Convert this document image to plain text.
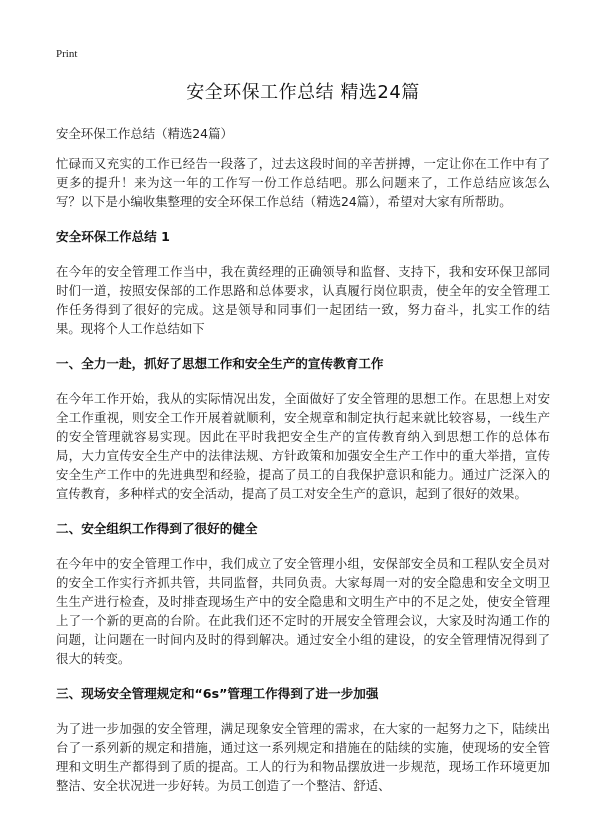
Print
安全环保工作总结 精选24篇

安全环保工作总结（精选24篇）

忙碌而又充实的工作已经告一段落了，过去这段时间的辛苦拼搏，一定让你在工作中有了更多的提升！来为这一年的工作写一份工作总结吧。那么问题来了，工作总结应该怎么写？以下是小编收集整理的安全环保工作总结（精选24篇），希望对大家有所帮助。

安全环保工作总结 1

在今年的安全管理工作当中，我在黄经理的正确领导和监督、支持下，我和安环保卫部同时们一道，按照安保部的工作思路和总体要求，认真履行岗位职责，使全年的安全管理工作任务得到了很好的完成。这是领导和同事们一起团结一致，努力奋斗，扎实工作的结果。现将个人工作总结如下

一、全力一赴，抓好了思想工作和安全生产的宣传教育工作

在今年工作开始，我从的实际情况出发，全面做好了安全管理的思想工作。在思想上对安全工作重视，则安全工作开展着就顺利，安全规章和制定执行起来就比较容易，一线生产的安全管理就容易实现。因此在平时我把安全生产的宣传教育纳入到思想工作的总体布局，大力宣传安全生产中的法律法规、方针政策和加强安全生产工作中的重大举措，宣传安全生产工作中的先进典型和经验，提高了员工的自我保护意识和能力。通过广泛深入的宣传教育，多种样式的安全活动，提高了员工对安全生产的意识，起到了很好的效果。

二、安全组织工作得到了很好的健全

在今年中的安全管理工作中，我们成立了安全管理小组，安保部安全员和工程队安全员对的安全工作实行齐抓共管，共同监督，共同负责。大家每周一对的安全隐患和安全文明卫生生产进行检查，及时排查现场生产中的安全隐患和文明生产中的不足之处，使安全管理上了一个新的更高的台阶。在此我们还不定时的开展安全管理会议，大家及时沟通工作的问题，让问题在一时间内及时的得到解决。通过安全小组的建设，的安全管理情况得到了很大的转变。

三、现场安全管理规定和“6s”管理工作得到了进一步加强

为了进一步加强的安全管理，满足现象安全管理的需求，在大家的一起努力之下，陆续出台了一系列新的规定和措施，通过这一系列规定和措施在的陆续的实施，使现场的安全管理和文明生产都得到了质的提高。工人的行为和物品摆放进一步规范，现场工作环境更加整洁、安全状况进一步好转。为员工创造了一个整洁、舒适、
